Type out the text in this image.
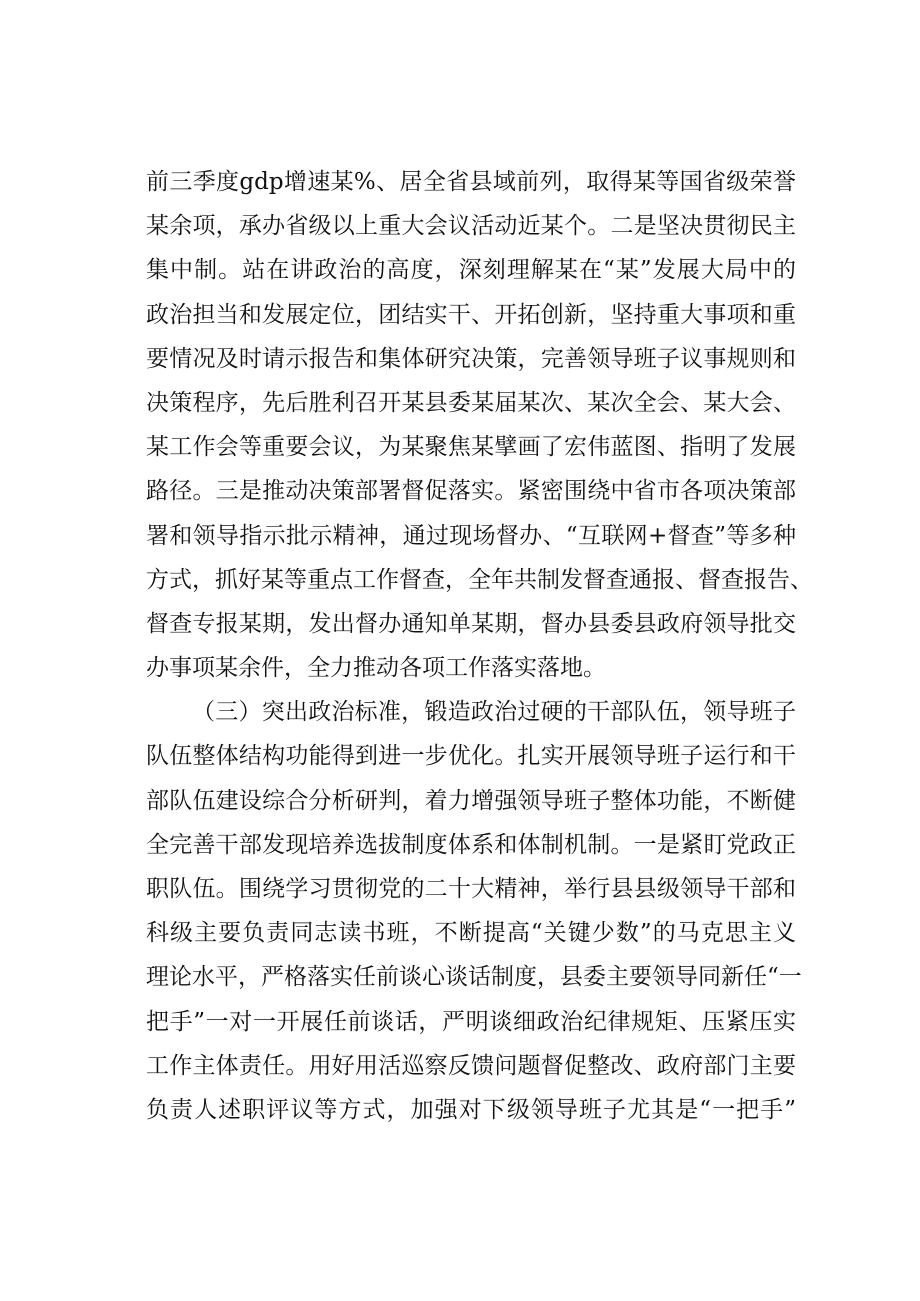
前三季度gdp增速某%、居全省县域前列，取得某等国省级荣誉
某余项，承办省级以上重大会议活动近某个。二是坚决贯彻民主
集中制。站在讲政治的高度，深刻理解某在“某”发展大局中的
政治担当和发展定位，团结实干、开拓创新，坚持重大事项和重
要情况及时请示报告和集体研究决策，完善领导班子议事规则和
决策程序，先后胜利召开某县委某届某次、某次全会、某大会、
某工作会等重要会议，为某聚焦某擘画了宏伟蓝图、指明了发展
路径。三是推动决策部署督促落实。紧密围绕中省市各项决策部
署和领导指示批示精神，通过现场督办、“互联网+督查”等多种
方式，抓好某等重点工作督查，全年共制发督查通报、督查报告、
督查专报某期，发出督办通知单某期，督办县委县政府领导批交
办事项某余件，全力推动各项工作落实落地。
（三）突出政治标准，锻造政治过硬的干部队伍，领导班子
队伍整体结构功能得到进一步优化。扎实开展领导班子运行和干
部队伍建设综合分析研判，着力增强领导班子整体功能，不断健
全完善干部发现培养选拔制度体系和体制机制。一是紧盯党政正
职队伍。围绕学习贯彻党的二十大精神，举行县县级领导干部和
科级主要负责同志读书班，不断提高“关键少数”的马克思主义
理论水平，严格落实任前谈心谈话制度，县委主要领导同新任“一
把手”一对一开展任前谈话，严明谈细政治纪律规矩、压紧压实
工作主体责任。用好用活巡察反馈问题督促整改、政府部门主要
负责人述职评议等方式，加强对下级领导班子尤其是“一把手”
